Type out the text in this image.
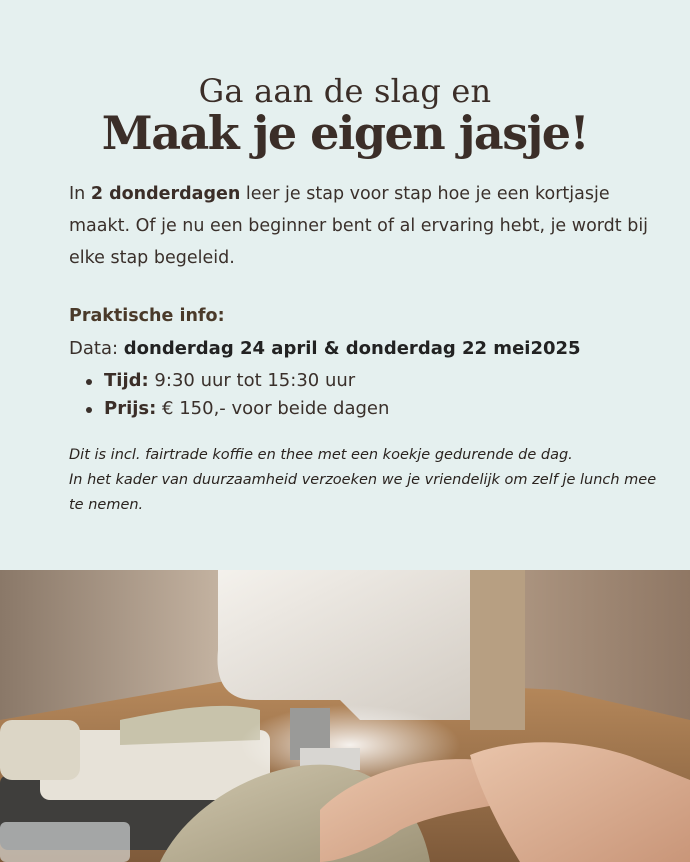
Ga aan de slag en
Maak je eigen jasje!
In 2 donderdagen leer je stap voor stap hoe je een kortjasje maakt. Of je nu een beginner bent of al ervaring hebt, je wordt bij elke stap begeleid.
Praktische info:
Data: donderdag 24 april & donderdag 22 mei2025
Tijd: 9:30 uur tot 15:30 uur
Prijs: € 150,- voor beide dagen
Dit is incl. fairtrade koffie en thee met een koekje gedurende de dag.
In het kader van duurzaamheid verzoeken we je vriendelijk om zelf je lunch mee te nemen.
